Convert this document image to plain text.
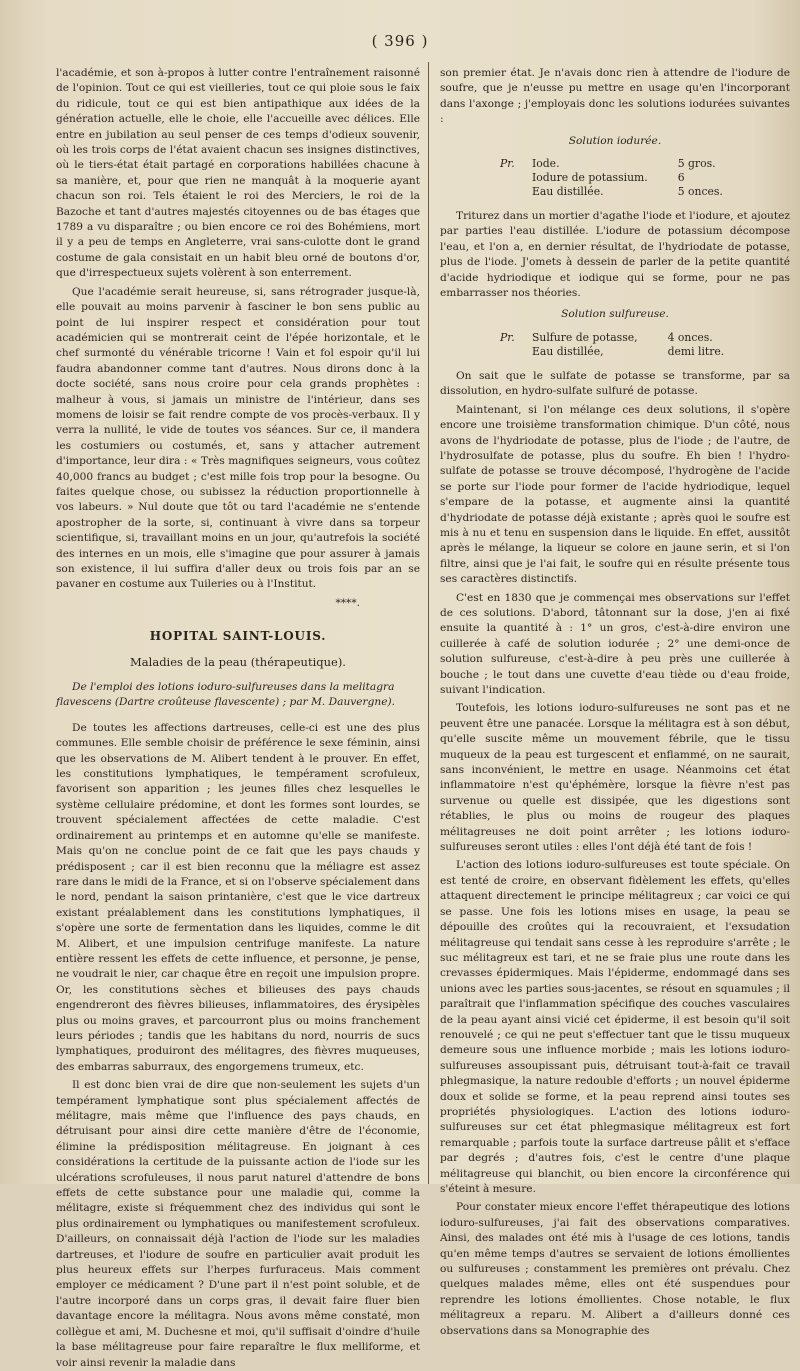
( 396 )

l'académie, et son à-propos à lutter contre l'entraînement raisonné de l'opinion. Tout ce qui est vieilleries, tout ce qui ploie sous le faix du ridicule, tout ce qui est bien antipathique aux idées de la génération actuelle, elle le choie, elle l'accueille avec délices. Elle entre en jubilation au seul penser de ces temps d'odieux souvenir, où les trois corps de l'état avaient chacun ses insignes distinctives, où le tiers-état était partagé en corporations habillées chacune à sa manière, et, pour que rien ne manquât à la moquerie ayant chacun son roi. Tels étaient le roi des Merciers, le roi de la Bazoche et tant d'autres majestés citoyennes ou de bas étages que 1789 a vu disparaître ; ou bien encore ce roi des Bohémiens, mort il y a peu de temps en Angleterre, vrai sans-culotte dont le grand costume de gala consistait en un habit bleu orné de boutons d'or, que d'irrespectueux sujets volèrent à son enterrement.

Que l'académie serait heureuse, si, sans rétrograder jusque-là, elle pouvait au moins parvenir à fasciner le bon sens public au point de lui inspirer respect et considération pour tout académicien qui se montrerait ceint de l'épée horizontale, et le chef surmonté du vénérable tricorne ! Vain et fol espoir qu'il lui faudra abandonner comme tant d'autres. Nous dirons donc à la docte société, sans nous croire pour cela grands prophètes : malheur à vous, si jamais un ministre de l'intérieur, dans ses momens de loisir se fait rendre compte de vos procès-verbaux. Il y verra la nullité, le vide de toutes vos séances. Sur ce, il mandera les costumiers ou costumés, et, sans y attacher autrement d'importance, leur dira : « Très magnifiques seigneurs, vous coûtez 40,000 francs au budget ; c'est mille fois trop pour la besogne. Ou faites quelque chose, ou subissez la réduction proportionnelle à vos labeurs. » Nul doute que tôt ou tard l'académie ne s'entende apostropher de la sorte, si, continuant à vivre dans sa torpeur scientifique, si, travaillant moins en un jour, qu'autrefois la société des internes en un mois, elle s'imagine que pour assurer à jamais son existence, il lui suffira d'aller deux ou trois fois par an se pavaner en costume aux Tuileries ou à l'Institut.

****.
HOPITAL SAINT-LOUIS.
Maladies de la peau (thérapeutique).

De l'emploi des lotions ioduro-sulfureuses dans la melitagra flavescens (Dartre croûteuse flavescente) ; par M. Dauvergne).

De toutes les affections dartreuses, celle-ci est une des plus communes. Elle semble choisir de préférence le sexe féminin, ainsi que les observations de M. Alibert tendent à le prouver. En effet, les constitutions lymphatiques, le tempérament scrofuleux, favorisent son apparition ; les jeunes filles chez lesquelles le système cellulaire prédomine, et dont les formes sont lourdes, se trouvent spécialement affectées de cette maladie. C'est ordinairement au printemps et en automne qu'elle se manifeste. Mais qu'on ne conclue point de ce fait que les pays chauds y prédisposent ; car il est bien reconnu que la méliagre est assez rare dans le midi de la France, et si on l'observe spécialement dans le nord, pendant la saison printanière, c'est que le vice dartreux existant préalablement dans les constitutions lymphatiques, il s'opère une sorte de fermentation dans les liquides, comme le dit M. Alibert, et une impulsion centrifuge manifeste. La nature entière ressent les effets de cette influence, et personne, je pense, ne voudrait le nier, car chaque être en reçoit une impulsion propre. Or, les constitutions sèches et bilieuses des pays chauds engendreront des fièvres bilieuses, inflammatoires, des érysipèles plus ou moins graves, et parcourront plus ou moins franchement leurs périodes ; tandis que les habitans du nord, nourris de sucs lymphatiques, produiront des mélitagres, des fièvres muqueuses, des embarras saburraux, des engorgemens trumeux, etc.

Il est donc bien vrai de dire que non-seulement les sujets d'un tempérament lymphatique sont plus spécialement affectés de mélitagre, mais même que l'influence des pays chauds, en détruisant pour ainsi dire cette manière d'être de l'économie, élimine la prédisposition mélitagreuse. En joignant à ces considérations la certitude de la puissante action de l'iode sur les ulcérations scrofuleuses, il nous parut naturel d'attendre de bons effets de cette substance pour une maladie qui, comme la mélitagre, existe si fréquemment chez des individus qui sont le plus ordinairement ou lymphatiques ou manifestement scrofuleux. D'ailleurs, on connaissait déjà l'action de l'iode sur les maladies dartreuses, et l'iodure de soufre en particulier avait produit les plus heureux effets sur l'herpes furfuraceus. Mais comment employer ce médicament ? D'une part il n'est point soluble, et de l'autre incorporé dans un corps gras, il devait faire fluer bien davantage encore la mélitagra. Nous avons même constaté, mon collègue et ami, M. Duchesne et moi, qu'il suffisait d'oindre d'huile la base mélitagreuse pour faire reparaître le flux melliforme, et voir ainsi revenir la maladie dans

son premier état. Je n'avais donc rien à attendre de l'iodure de soufre, que je n'eusse pu mettre en usage qu'en l'incorporant dans l'axonge ; j'employais donc les solutions iodurées suivantes :

Solution iodurée.
Pr.	Iode.	5 gros.
	Iodure de potassium.	6
	Eau distillée.	5 onces.

Triturez dans un mortier d'agathe l'iode et l'iodure, et ajoutez par parties l'eau distillée. L'iodure de potassium décompose l'eau, et l'on a, en dernier résultat, de l'hydriodate de potasse, plus de l'iode. J'omets à dessein de parler de la petite quantité d'acide hydriodique et iodique qui se forme, pour ne pas embarrasser nos théories.

Solution sulfureuse.
Pr.	Sulfure de potasse,	4 onces.
	Eau distillée,	demi litre.

On sait que le sulfate de potasse se transforme, par sa dissolution, en hydro-sulfate sulfuré de potasse.

Maintenant, si l'on mélange ces deux solutions, il s'opère encore une troisième transformation chimique. D'un côté, nous avons de l'hydriodate de potasse, plus de l'iode ; de l'autre, de l'hydrosulfate de potasse, plus du soufre. Eh bien ! l'hydro-sulfate de potasse se trouve décomposé, l'hydrogène de l'acide se porte sur l'iode pour former de l'acide hydriodique, lequel s'empare de la potasse, et augmente ainsi la quantité d'hydriodate de potasse déjà existante ; après quoi le soufre est mis à nu et tenu en suspension dans le liquide. En effet, aussitôt après le mélange, la liqueur se colore en jaune serin, et si l'on filtre, ainsi que je l'ai fait, le soufre qui en résulte présente tous ses caractères distinctifs.

C'est en 1830 que je commençai mes observations sur l'effet de ces solutions. D'abord, tâtonnant sur la dose, j'en ai fixé ensuite la quantité à : 1° un gros, c'est-à-dire environ une cuillerée à café de solution iodurée ; 2° une demi-once de solution sulfureuse, c'est-à-dire à peu près une cuillerée à bouche ; le tout dans une cuvette d'eau tiède ou d'eau froide, suivant l'indication.

Toutefois, les lotions ioduro-sulfureuses ne sont pas et ne peuvent être une panacée. Lorsque la mélitagra est à son début, qu'elle suscite même un mouvement fébrile, que le tissu muqueux de la peau est turgescent et enflammé, on ne saurait, sans inconvénient, le mettre en usage. Néanmoins cet état inflammatoire n'est qu'éphémère, lorsque la fièvre n'est pas survenue ou quelle est dissipée, que les digestions sont rétablies, le plus ou moins de rougeur des plaques mélitagreuses ne doit point arrêter ; les lotions ioduro-sulfureuses seront utiles : elles l'ont déjà été tant de fois !

L'action des lotions ioduro-sulfureuses est toute spéciale. On est tenté de croire, en observant fidèlement les effets, qu'elles attaquent directement le principe mélitagreux ; car voici ce qui se passe. Une fois les lotions mises en usage, la peau se dépouille des croûtes qui la recouvraient, et l'exsudation mélitagreuse qui tendait sans cesse à les reproduire s'arrête ; le suc mélitagreux est tari, et ne se fraie plus une route dans les crevasses épidermiques. Mais l'épiderme, endommagé dans ses unions avec les parties sous-jacentes, se résout en squamules ; il paraîtrait que l'inflammation spécifique des couches vasculaires de la peau ayant ainsi vicié cet épiderme, il est besoin qu'il soit renouvelé ; ce qui ne peut s'effectuer tant que le tissu muqueux demeure sous une influence morbide ; mais les lotions ioduro-sulfureuses assoupissant puis, détruisant tout-à-fait ce travail phlegmasique, la nature redouble d'efforts ; un nouvel épiderme doux et solide se forme, et la peau reprend ainsi toutes ses propriétés physiologiques. L'action des lotions ioduro-sulfureuses sur cet état phlegmasique mélitagreux est fort remarquable ; parfois toute la surface dartreuse pâlit et s'efface par degrés ; d'autres fois, c'est le centre d'une plaque mélitagreuse qui blanchit, ou bien encore la circonférence qui s'éteint à mesure.

Pour constater mieux encore l'effet thérapeutique des lotions ioduro-sulfureuses, j'ai fait des observations comparatives. Ainsi, des malades ont été mis à l'usage de ces lotions, tandis qu'en même temps d'autres se servaient de lotions émollientes ou sulfureuses ; constamment les premières ont prévalu. Chez quelques malades même, elles ont été suspendues pour reprendre les lotions émollientes. Chose notable, le flux mélitagreux a reparu. M. Alibert a d'ailleurs donné ces observations dans sa Monographie des
